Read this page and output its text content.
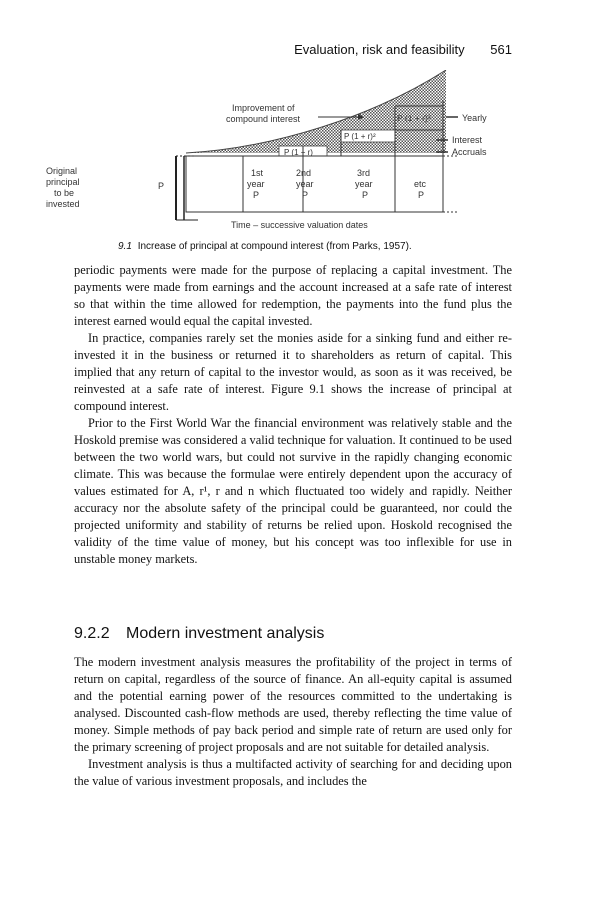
Evaluation, risk and feasibility 561
Improvement of
compound interest	P (1 + r)³
P (1 + r)²
P (1 + r)
Yearly
Interest
Accruals
Original
principal
to be
invested
P
1st
year
P
2nd
year
P
3rd
year
P
etc
P
Time – successive valuation dates
9.1 Increase of principal at compound interest (from Parks, 1957).

periodic payments were made for the purpose of replacing a capital investment. The payments were made from earnings and the account increased at a safe rate of interest so that within the time allowed for redemption, the payments into the fund plus the interest earned would equal the capital invested.

In practice, companies rarely set the monies aside for a sinking fund and either re-invested it in the business or returned it to shareholders as return of capital. This implied that any return of capital to the investor would, as soon as it was received, be reinvested at a safe rate of interest. Figure 9.1 shows the increase of principal at compound interest.

Prior to the First World War the financial environment was relatively stable and the Hoskold premise was considered a valid technique for valuation. It continued to be used between the two world wars, but could not survive in the rapidly changing economic climate. This was because the formulae were entirely dependent upon the accuracy of values estimated for A, r¹, r and n which fluctuated too widely and rapidly. Neither accuracy nor the absolute safety of the principal could be guaranteed, nor could the projected uniformity and stability of returns be relied upon. Hoskold recognised the validity of the time value of money, but his concept was too inflexible for use in unstable money markets.

9.2.2 Modern investment analysis

The modern investment analysis measures the profitability of the project in terms of return on capital, regardless of the source of finance. An all-equity capital is assumed and the potential earning power of the resources committed to the undertaking is analysed. Discounted cash-flow methods are used, thereby reflecting the time value of money. Simple methods of pay back period and simple rate of return are used only for the primary screening of project proposals and are not suitable for detailed analysis.

Investment analysis is thus a multifacted activity of searching for and deciding upon the value of various investment proposals, and includes the
